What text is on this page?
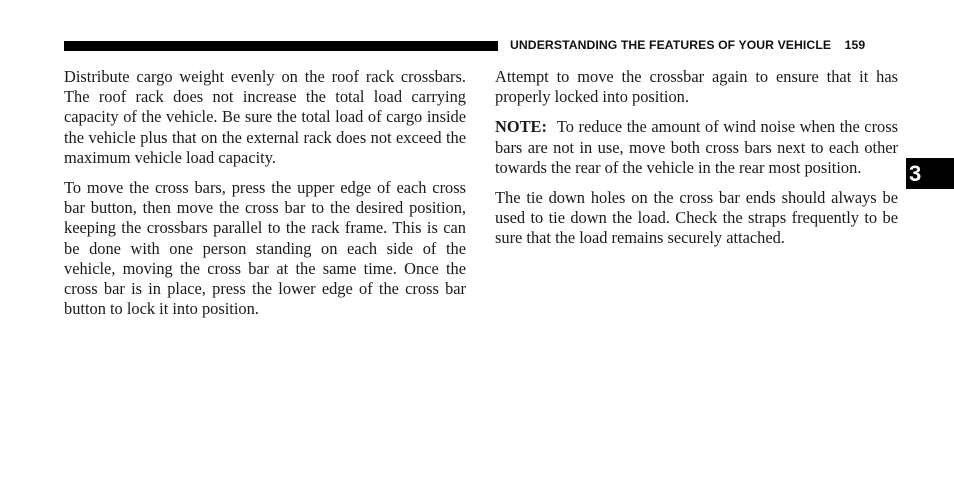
UNDERSTANDING THE FEATURES OF YOUR VEHICLE 159

Distribute cargo weight evenly on the roof rack crossbars. The roof rack does not increase the total load carrying capacity of the vehicle. Be sure the total load of cargo inside the vehicle plus that on the external rack does not exceed the maximum vehicle load capacity.

To move the cross bars, press the upper edge of each cross bar button, then move the cross bar to the desired position, keeping the crossbars parallel to the rack frame. This is can be done with one person standing on each side of the vehicle, moving the cross bar at the same time. Once the cross bar is in place, press the lower edge of the cross bar button to lock it into position.

Attempt to move the crossbar again to ensure that it has properly locked into position.

NOTE: To reduce the amount of wind noise when the cross bars are not in use, move both cross bars next to each other towards the rear of the vehicle in the rear most position.

The tie down holes on the cross bar ends should always be used to tie down the load. Check the straps frequently to be sure that the load remains securely attached.

3
